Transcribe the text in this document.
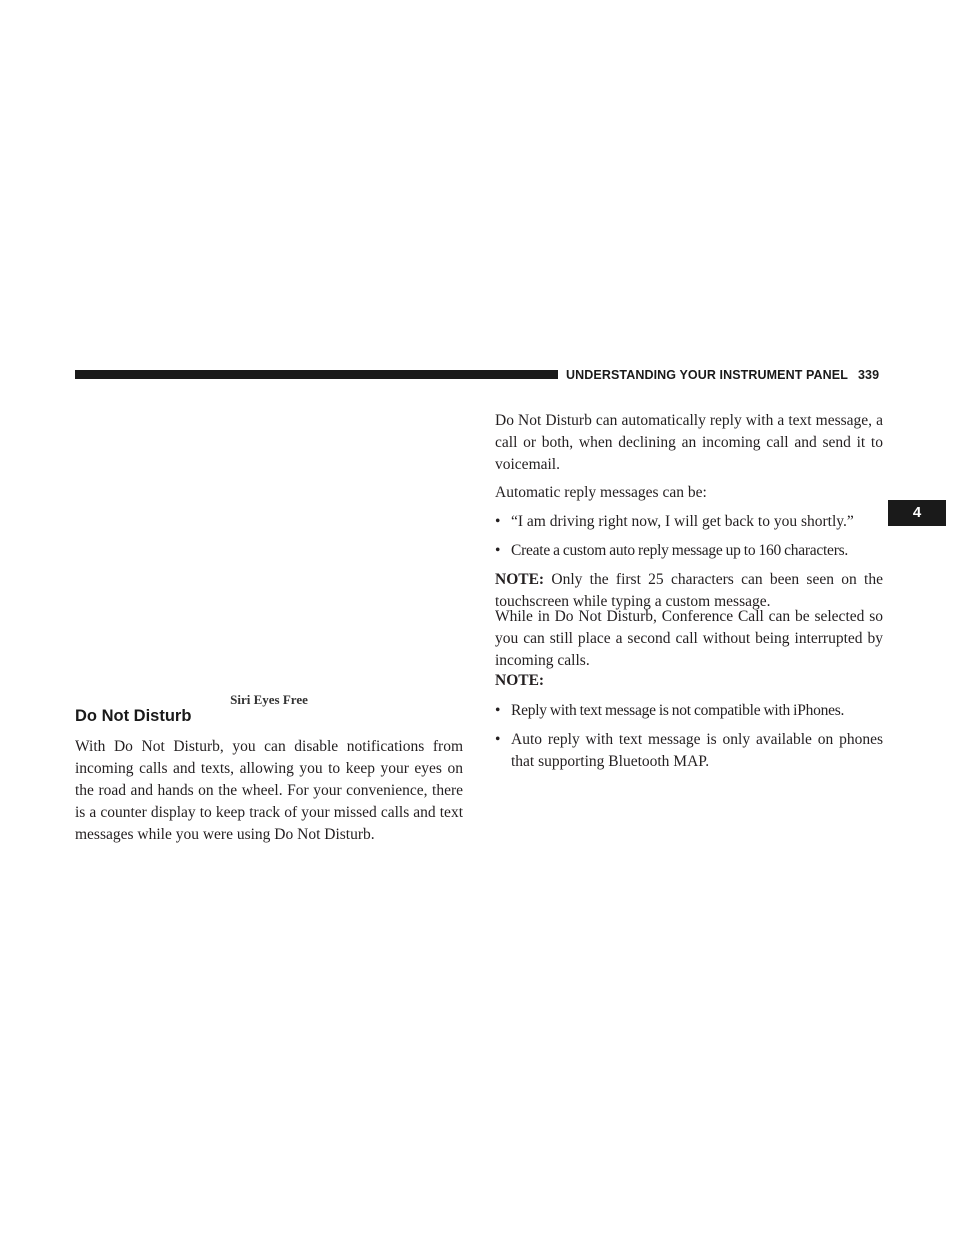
UNDERSTANDING YOUR INSTRUMENT PANEL 339
4
Siri Eyes Free
Do Not Disturb

With Do Not Disturb, you can disable notifications from incoming calls and texts, allowing you to keep your eyes on the road and hands on the wheel. For your convenience, there is a counter display to keep track of your missed calls and text messages while you were using Do Not Disturb.

Do Not Disturb can automatically reply with a text message, a call or both, when declining an incoming call and send it to voicemail.

Automatic reply messages can be:

• “I am driving right now, I will get back to you shortly.”
• Create a custom auto reply message up to 160 characters.

NOTE: Only the first 25 characters can been seen on the touchscreen while typing a custom message.

While in Do Not Disturb, Conference Call can be selected so you can still place a second call without being interrupted by incoming calls.

NOTE:

• Reply with text message is not compatible with iPhones.
• Auto reply with text message is only available on phones that supporting Bluetooth MAP.
